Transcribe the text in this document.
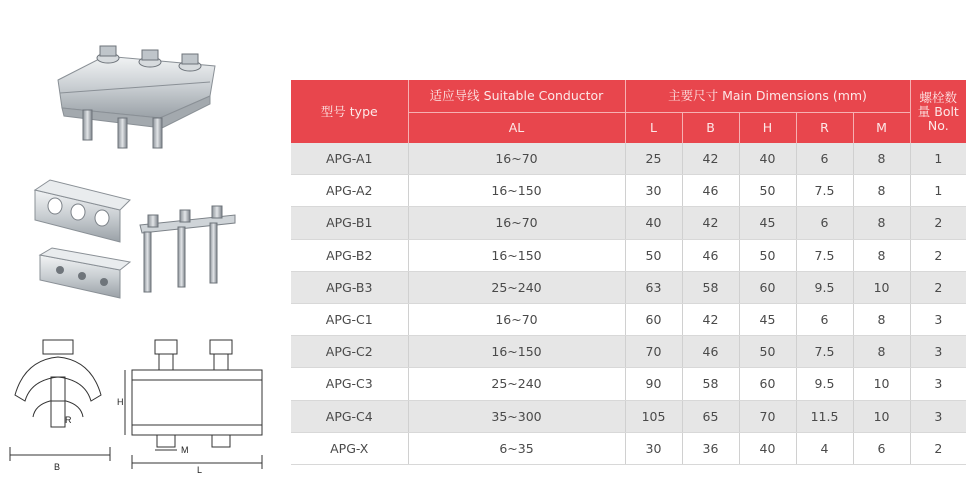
B
R
H
M
L
型号 type	适应导线 Suitable Conductor	主要尺寸 Main Dimensions (mm)					螺栓数量 Bolt No.
	AL	L	B	H	R	M	
APG-A1	16~70	25	42	40	6	8	1
APG-A2	16~150	30	46	50	7.5	8	1
APG-B1	16~70	40	42	45	6	8	2
APG-B2	16~150	50	46	50	7.5	8	2
APG-B3	25~240	63	58	60	9.5	10	2
APG-C1	16~70	60	42	45	6	8	3
APG-C2	16~150	70	46	50	7.5	8	3
APG-C3	25~240	90	58	60	9.5	10	3
APG-C4	35~300	105	65	70	11.5	10	3
APG-X	6~35	30	36	40	4	6	2
